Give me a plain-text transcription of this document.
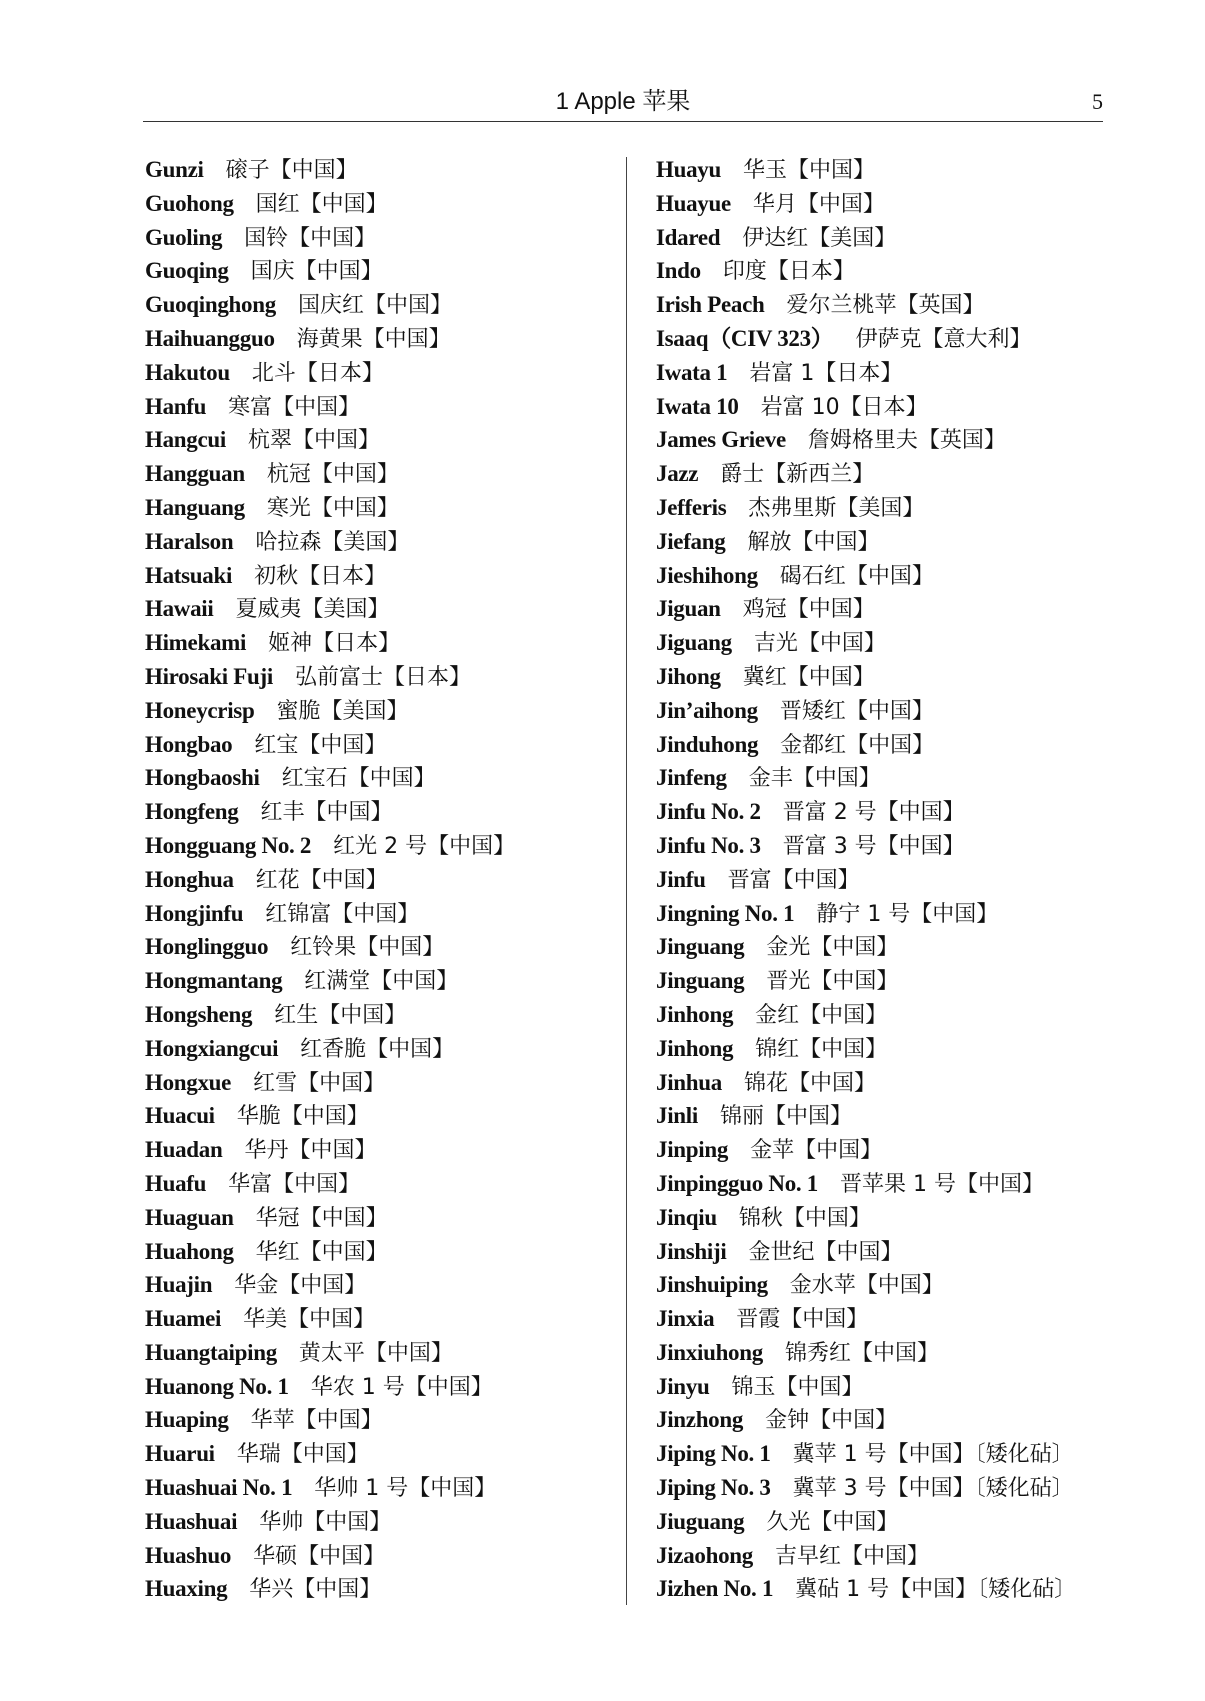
1 Apple 苹果	5
Gunzi 磙子【中国】
Guohong 国红【中国】
Guoling 国铃【中国】
Guoqing 国庆【中国】
Guoqinghong 国庆红【中国】
Haihuangguo 海黄果【中国】
Hakutou 北斗【日本】
Hanfu 寒富【中国】
Hangcui 杭翠【中国】
Hangguan 杭冠【中国】
Hanguang 寒光【中国】
Haralson 哈拉森【美国】
Hatsuaki 初秋【日本】
Hawaii 夏威夷【美国】
Himekami 姬神【日本】
Hirosaki Fuji 弘前富士【日本】
Honeycrisp 蜜脆【美国】
Hongbao 红宝【中国】
Hongbaoshi 红宝石【中国】
Hongfeng 红丰【中国】
Hongguang No. 2 红光 2 号【中国】
Honghua 红花【中国】
Hongjinfu 红锦富【中国】
Honglingguo 红铃果【中国】
Hongmantang 红满堂【中国】
Hongsheng 红生【中国】
Hongxiangcui 红香脆【中国】
Hongxue 红雪【中国】
Huacui 华脆【中国】
Huadan 华丹【中国】
Huafu 华富【中国】
Huaguan 华冠【中国】
Huahong 华红【中国】
Huajin 华金【中国】
Huamei 华美【中国】
Huangtaiping 黄太平【中国】
Huanong No. 1 华农 1 号【中国】
Huaping 华苹【中国】
Huarui 华瑞【中国】
Huashuai No. 1 华帅 1 号【中国】
Huashuai 华帅【中国】
Huashuo 华硕【中国】
Huaxing 华兴【中国】
Huayu 华玉【中国】
Huayue 华月【中国】
Idared 伊达红【美国】
Indo 印度【日本】
Irish Peach 爱尔兰桃苹【英国】
Isaaq（CIV 323） 伊萨克【意大利】
Iwata 1 岩富 1【日本】
Iwata 10 岩富 10【日本】
James Grieve 詹姆格里夫【英国】
Jazz 爵士【新西兰】
Jefferis 杰弗里斯【美国】
Jiefang 解放【中国】
Jieshihong 碣石红【中国】
Jiguan 鸡冠【中国】
Jiguang 吉光【中国】
Jihong 冀红【中国】
Jin’aihong 晋矮红【中国】
Jinduhong 金都红【中国】
Jinfeng 金丰【中国】
Jinfu No. 2 晋富 2 号【中国】
Jinfu No. 3 晋富 3 号【中国】
Jinfu 晋富【中国】
Jingning No. 1 静宁 1 号【中国】
Jinguang 金光【中国】
Jinguang 晋光【中国】
Jinhong 金红【中国】
Jinhong 锦红【中国】
Jinhua 锦花【中国】
Jinli 锦丽【中国】
Jinping 金苹【中国】
Jinpingguo No. 1 晋苹果 1 号【中国】
Jinqiu 锦秋【中国】
Jinshiji 金世纪【中国】
Jinshuiping 金水苹【中国】
Jinxia 晋霞【中国】
Jinxiuhong 锦秀红【中国】
Jinyu 锦玉【中国】
Jinzhong 金钟【中国】
Jiping No. 1 冀苹 1 号【中国】〔矮化砧〕
Jiping No. 3 冀苹 3 号【中国】〔矮化砧〕
Jiuguang 久光【中国】
Jizaohong 吉早红【中国】
Jizhen No. 1 冀砧 1 号【中国】〔矮化砧〕
